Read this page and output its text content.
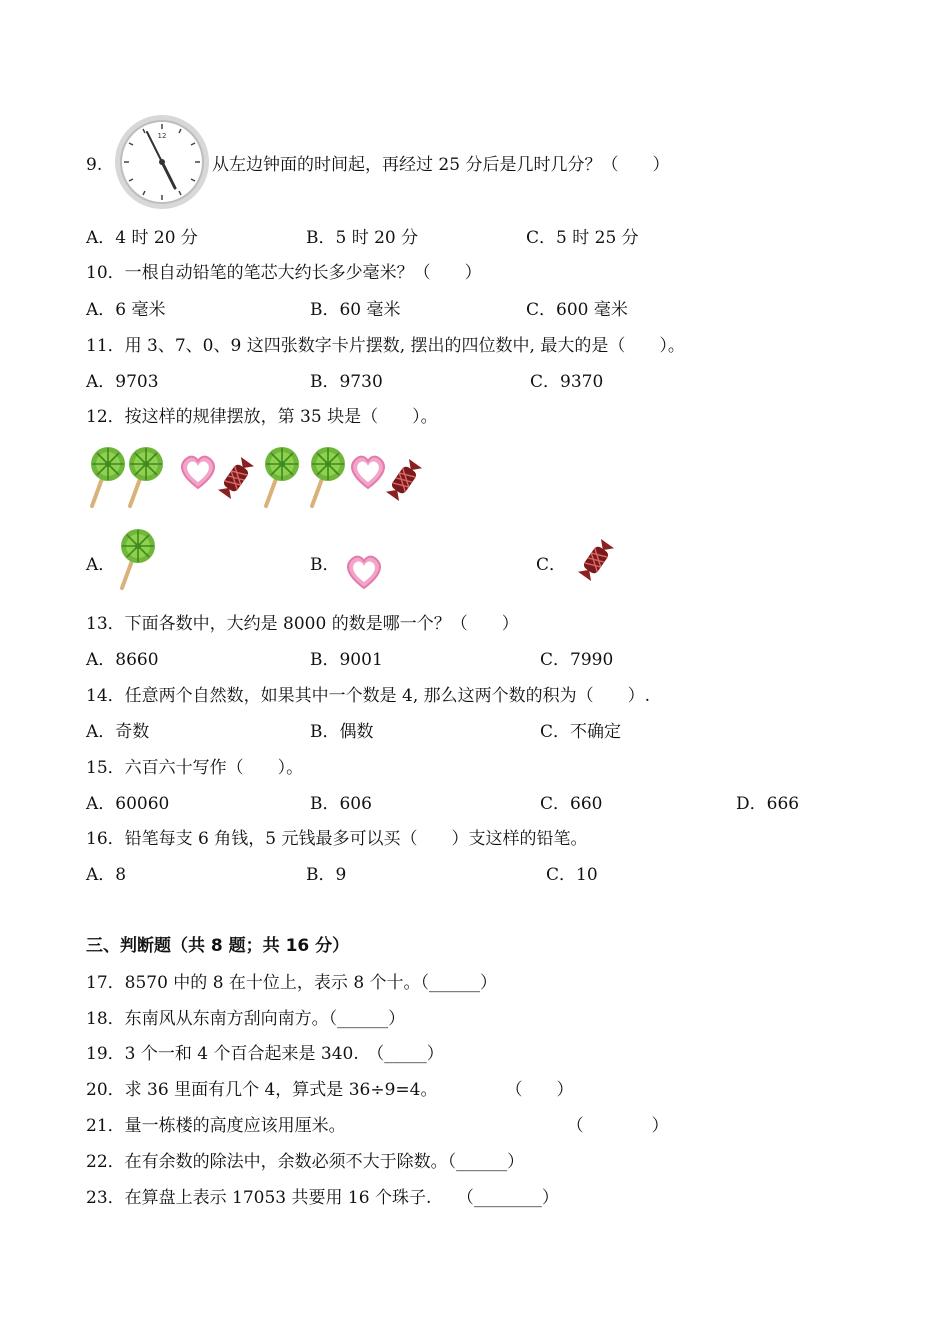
9.
12
从左边钟面的时间起，再经过 25 分后是几时几分？（　　）
A．4 时 20 分	B．5 时 20 分	C．5 时 25 分
10．一根自动铅笔的笔芯大约长多少毫米？（　　）
A．6 毫米	B．60 毫米	C．600 毫米
11．用 3、7、0、9 这四张数字卡片摆数, 摆出的四位数中, 最大的是（　　）。
A．9703	B．9730	C．9370
12．按这样的规律摆放，第 35 块是（　　）。
A．	B．	C．
13．下面各数中，大约是 8000 的数是哪一个？（　　）
A．8660	B．9001	C．7990
14．任意两个自然数，如果其中一个数是 4, 那么这两个数的积为（　　）.
A．奇数	B．偶数	C．不确定
15．六百六十写作（　　）。
A．60060	B．606	C．660	D．666
16．铅笔每支 6 角钱，5 元钱最多可以买（　　）支这样的铅笔。
A．8	B．9	C．10
三、判断题（共 8 题；共 16 分）
17．8570 中的 8 在十位上，表示 8 个十。（______）
18．东南风从东南方刮向南方。（______）
19．3 个一和 4 个百合起来是 340.　（_____）
20．求 36 里面有几个 4，算式是 36÷9=4。　　　　　（　　）
21．量一栋楼的高度应该用厘米。　　　　　　　　　　　　　　（　　　　）
22．在有余数的除法中，余数必须不大于除数。（______）
23．在算盘上表示 17053 共要用 16 个珠子.　　（________）
